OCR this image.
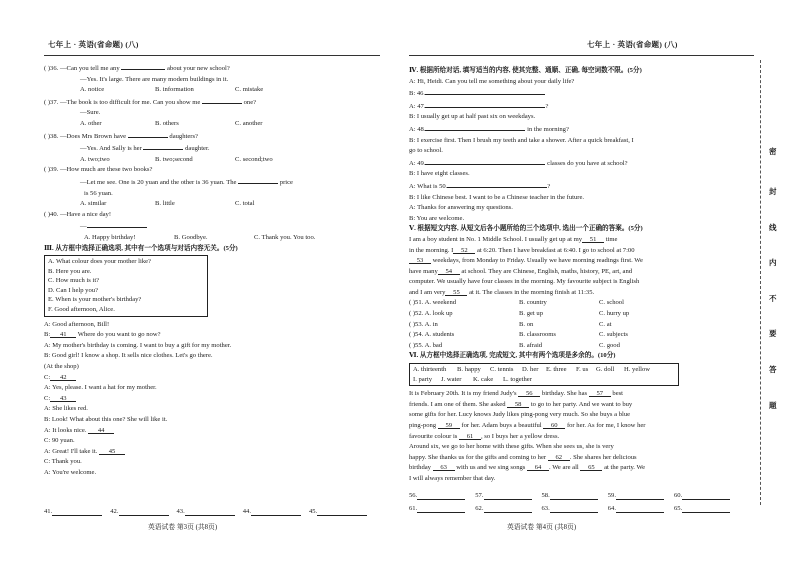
七年上 · 英语(省命题) (八)
( )36. —Can you tell me any	about your new school?
—Yes. It's large. There are many modern buildings in it.
A. notice	B. information	C. mistake
( )37. —The book is too difficult for me. Can you show me	one?
—Sure.
A. other	B. others	C. another
( )38. —Does Mrs Brown have	daughters?
—Yes. And Sally is her	daughter.
A. two;two	B. two;second	C. second;two
( )39. —How much are these two books?
—Let me see. One is 20 yuan and the other is 36 yuan. The	price
is 56 yuan.
A. similar	B. little	C. total
( )40. —Have a nice day!
—
A. Happy birthday!	B. Goodbye.	C. Thank you. You too.
Ⅲ. 从方框中选择正确选项, 其中有一个选项与对话内容无关。(5分)
A. What colour does your mother like?
B. Here you are.
C. How much is it?
D. Can I help you?
E. When is your mother's birthday?
F. Good afternoon, Alice.
A: Good afternoon, Bill!
B: 41 Where do you want to go now?
A: My mother's birthday is coming. I want to buy a gift for my mother.
B: Good girl! I know a shop. It sells nice clothes. Let's go there.
(At the shop)
C: 42
A: Yes, please. I want a hat for my mother.
C: 43
A: She likes red.
B: Look! What about this one? She will like it.
A: It looks nice. 44
C: 90 yuan.
A: Great! I'll take it. 45
C: Thank you.
A: You're welcome.
41.	42.	43.	44.	45.
英语试卷 第3页 (共8页)
七年上 · 英语(省命题) (八)
Ⅳ. 根据所给对话, 填写适当的内容, 使其完整、通顺、正确, 每空词数不限。(5分)
A: Hi, Heidi. Can you tell me something about your daily life?
B: 46.
A: 47.	?
B: I usually get up at half past six on weekdays.
A: 48.	in the morning?
B: I exercise first. Then I brush my teeth and take a shower. After a quick breakfast, I
go to school.
A: 49.	classes do you have at school?
B: I have eight classes.
A: What is 50.	?
B: I like Chinese best. I want to be a Chinese teacher in the future.
A: Thanks for answering my questions.
B: You are welcome.
Ⅴ. 根据短文内容, 从短文后各小题所给的三个选项中, 选出一个正确的答案。(5分)
I am a boy student in No. 1 Middle School. I usually get up at my 51 time
in the morning. I 52 at 6:20. Then I have breakfast at 6:40. I go to school at 7:00
53 weekdays, from Monday to Friday. Usually we have morning readings first. We
have many 54 at school. They are Chinese, English, maths, history, PE, art, and
computer. We usually have four classes in the morning. My favourite subject is English
and I am very 55 at it. The classes in the morning finish at 11:35.
( )51. A. weekend	B. country	C. school
( )52. A. look up	B. get up	C. hurry up
( )53. A. in	B. on	C. at
( )54. A. students	B. classrooms	C. subjects
( )55. A. bad	B. afraid	C. good
Ⅵ. 从方框中选择正确选项, 完成短文, 其中有两个选项是多余的。(10分)
A. thirteenth	B. happy	C. tennis	D. her	E. three	F. us	G. doll	H. yellow
I. party	J. water	K. cake	L. together
It is February 20th. It is my friend Judy's 56 birthday. She has 57 best
friends. I am one of them. She asked 58 to go to her party. And we want to buy
some gifts for her. Lucy knows Judy likes ping-pong very much. So she buys a blue
ping-pong 59 for her. Adam buys a beautiful 60 for her. As for me, I know her
favourite colour is 61 , so I buys her a yellow dress.
Around six, we go to her home with these gifts. When she sees us, she is very
happy. She thanks us for the gifts and coming to her 62 . She shares her delicious
birthday 63 with us and we sing songs 64 . We are all 65 at the party. We
I will always remember that day.
56.	57.	58.	59.	60.
61.	62.	63.	64.	65.
英语试卷 第4页 (共8页)
密
封
线
内
不
要
答
题
